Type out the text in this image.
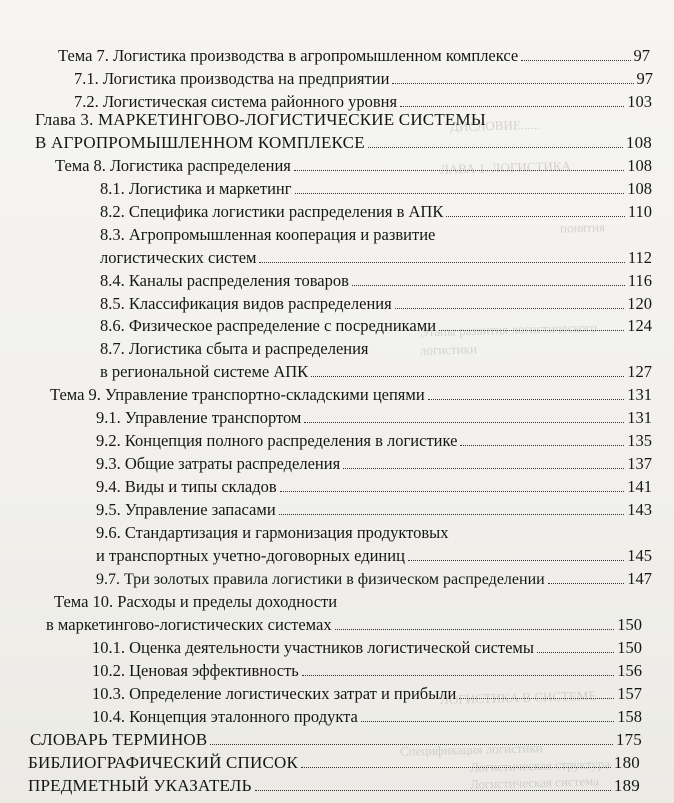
ДИСЛОВИЕ......
ЛАВА 1. ЛОГИСТИКА
понятия
Этапы развития логистического
логистики
ЛОГИСТИКА В СИСТЕМЕ
Спецификация логистики
Логистическая структура
Логистическая система
Тема 7. Логистика производства в агропромышленном комплексе	97
7.1. Логистика производства на предприятии	97
7.2. Логистическая система районного уровня	103
Глава 3. МАРКЕТИНГОВО-ЛОГИСТИЧЕСКИЕ СИСТЕМЫ
В АГРОПРОМЫШЛЕННОМ КОМПЛЕКСЕ	108
Тема 8. Логистика распределения	108
8.1. Логистика и маркетинг	108
8.2. Специфика логистики распределения в АПК	110
8.3. Агропромышленная кооперация и развитие
логистических систем	112
8.4. Каналы распределения товаров	116
8.5. Классификация видов распределения	120
8.6. Физическое распределение с посредниками	124
8.7. Логистика сбыта и распределения
в региональной системе АПК	127
Тема 9. Управление транспортно-складскими цепями	131
9.1. Управление транспортом	131
9.2. Концепция полного распределения в логистике	135
9.3. Общие затраты распределения	137
9.4. Виды и типы складов	141
9.5. Управление запасами	143
9.6. Стандартизация и гармонизация продуктовых
и транспортных учетно-договорных единиц	145
9.7. Три золотых правила логистики в физическом распределении	147
Тема 10. Расходы и пределы доходности
в маркетингово-логистических системах	150
10.1. Оценка деятельности участников логистической системы	150
10.2. Ценовая эффективность	156
10.3. Определение логистических затрат и прибыли	157
10.4. Концепция эталонного продукта	158
СЛОВАРЬ ТЕРМИНОВ	175
БИБЛИОГРАФИЧЕСКИЙ СПИСОК	180
ПРЕДМЕТНЫЙ УКАЗАТЕЛЬ	189
